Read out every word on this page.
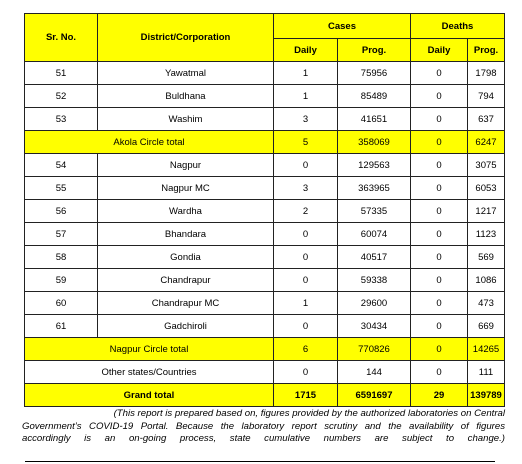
Sr. No.	District/Corporation	Cases		Deaths	
		Daily	Prog.	Daily	Prog.
51	Yawatmal	1	75956	0	1798
52	Buldhana	1	85489	0	794
53	Washim	3	41651	0	637
Akola Circle total		5	358069	0	6247
54	Nagpur	0	129563	0	3075
55	Nagpur MC	3	363965	0	6053
56	Wardha	2	57335	0	1217
57	Bhandara	0	60074	0	1123
58	Gondia	0	40517	0	569
59	Chandrapur	0	59338	0	1086
60	Chandrapur MC	1	29600	0	473
61	Gadchiroli	0	30434	0	669
Nagpur Circle total		6	770826	0	14265
Other states/Countries		0	144	0	111
Grand total		1715	6591697	29	139789
(This report is prepared based on, figures provided by the authorized laboratories on Central
Government’s COVID-19 Portal. Because the laboratory report scrutiny and the availability of figures
accordingly is an on-going process, state cumulative numbers are subject to change.)
